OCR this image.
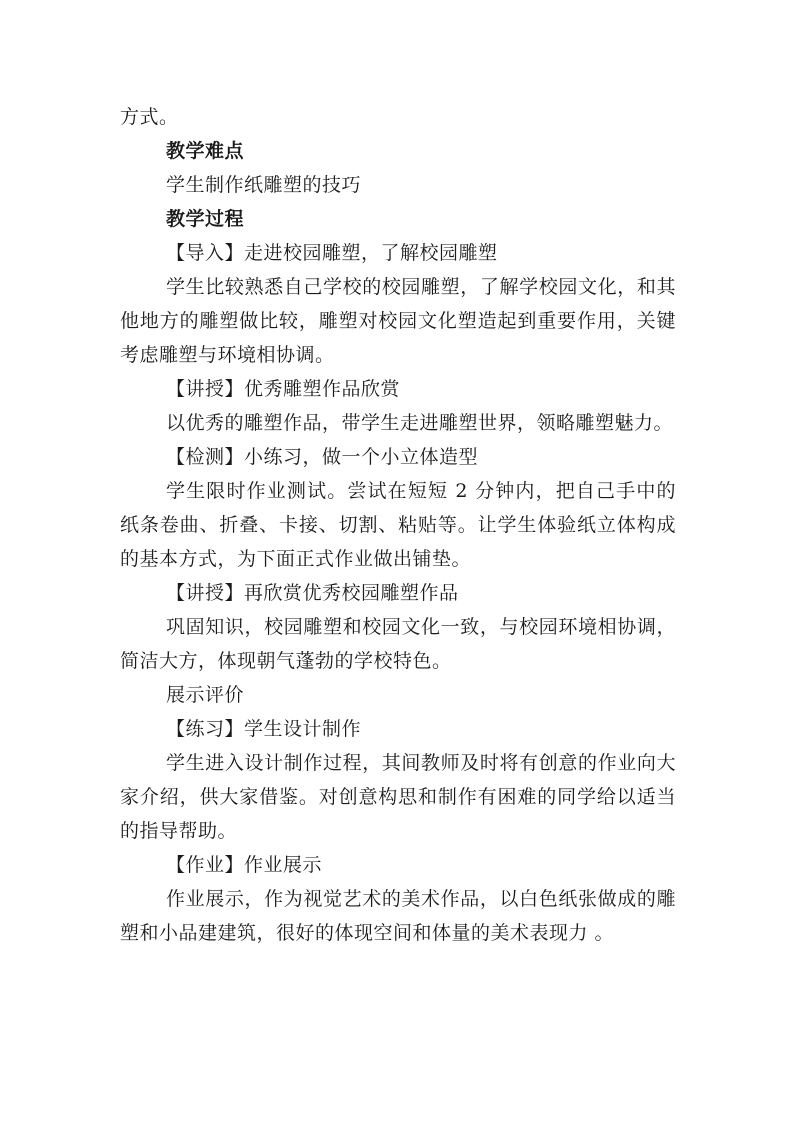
方式。

教学难点

学生制作纸雕塑的技巧

教学过程

【导入】走进校园雕塑，了解校园雕塑

学生比较熟悉自己学校的校园雕塑，了解学校园文化，和其他地方的雕塑做比较，雕塑对校园文化塑造起到重要作用，关键考虑雕塑与环境相协调。

【讲授】优秀雕塑作品欣赏

以优秀的雕塑作品，带学生走进雕塑世界，领略雕塑魅力。

【检测】小练习，做一个小立体造型

学生限时作业测试。尝试在短短 2 分钟内，把自己手中的纸条卷曲、折叠、卡接、切割、粘贴等。让学生体验纸立体构成的基本方式，为下面正式作业做出铺垫。

【讲授】再欣赏优秀校园雕塑作品

巩固知识，校园雕塑和校园文化一致，与校园环境相协调，简洁大方，体现朝气蓬勃的学校特色。

展示评价

【练习】学生设计制作

学生进入设计制作过程，其间教师及时将有创意的作业向大家介绍，供大家借鉴。对创意构思和制作有困难的同学给以适当的指导帮助。

【作业】作业展示

作业展示，作为视觉艺术的美术作品，以白色纸张做成的雕塑和小品建建筑，很好的体现空间和体量的美术表现力 。
